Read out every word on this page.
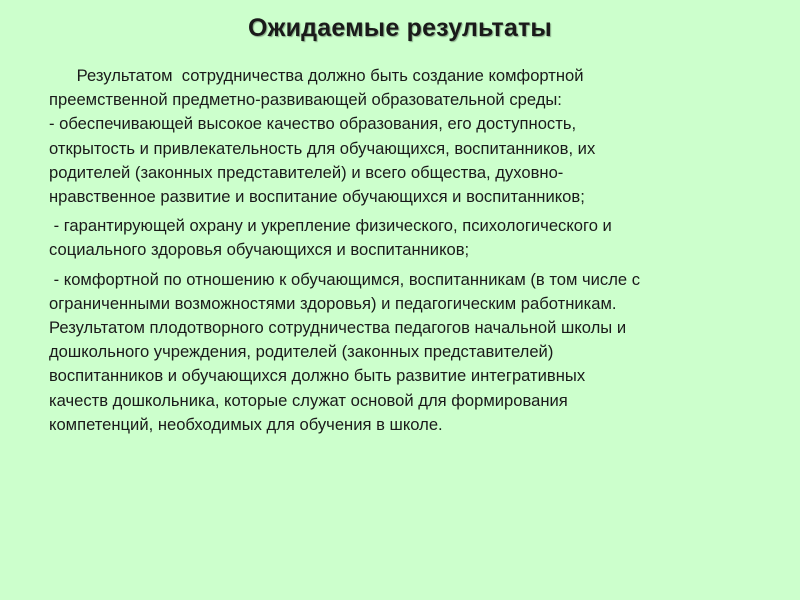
Ожидаемые результаты
Результатом  сотрудничества должно быть создание комфортной
преемственной предметно-развивающей образовательной среды:
- обеспечивающей высокое качество образования, его доступность,
открытость и привлекательность для обучающихся, воспитанников, их
родителей (законных представителей) и всего общества, духовно-
нравственное развитие и воспитание обучающихся и воспитанников;
- гарантирующей охрану и укрепление физического, психологического и
социального здоровья обучающихся и воспитанников;
- комфортной по отношению к обучающимся, воспитанникам (в том числе с
ограниченными возможностями здоровья) и педагогическим работникам.
Результатом плодотворного сотрудничества педагогов начальной школы и
дошкольного учреждения, родителей (законных представителей)
воспитанников и обучающихся должно быть развитие интегративных
качеств дошкольника, которые служат основой для формирования
компетенций, необходимых для обучения в школе.
